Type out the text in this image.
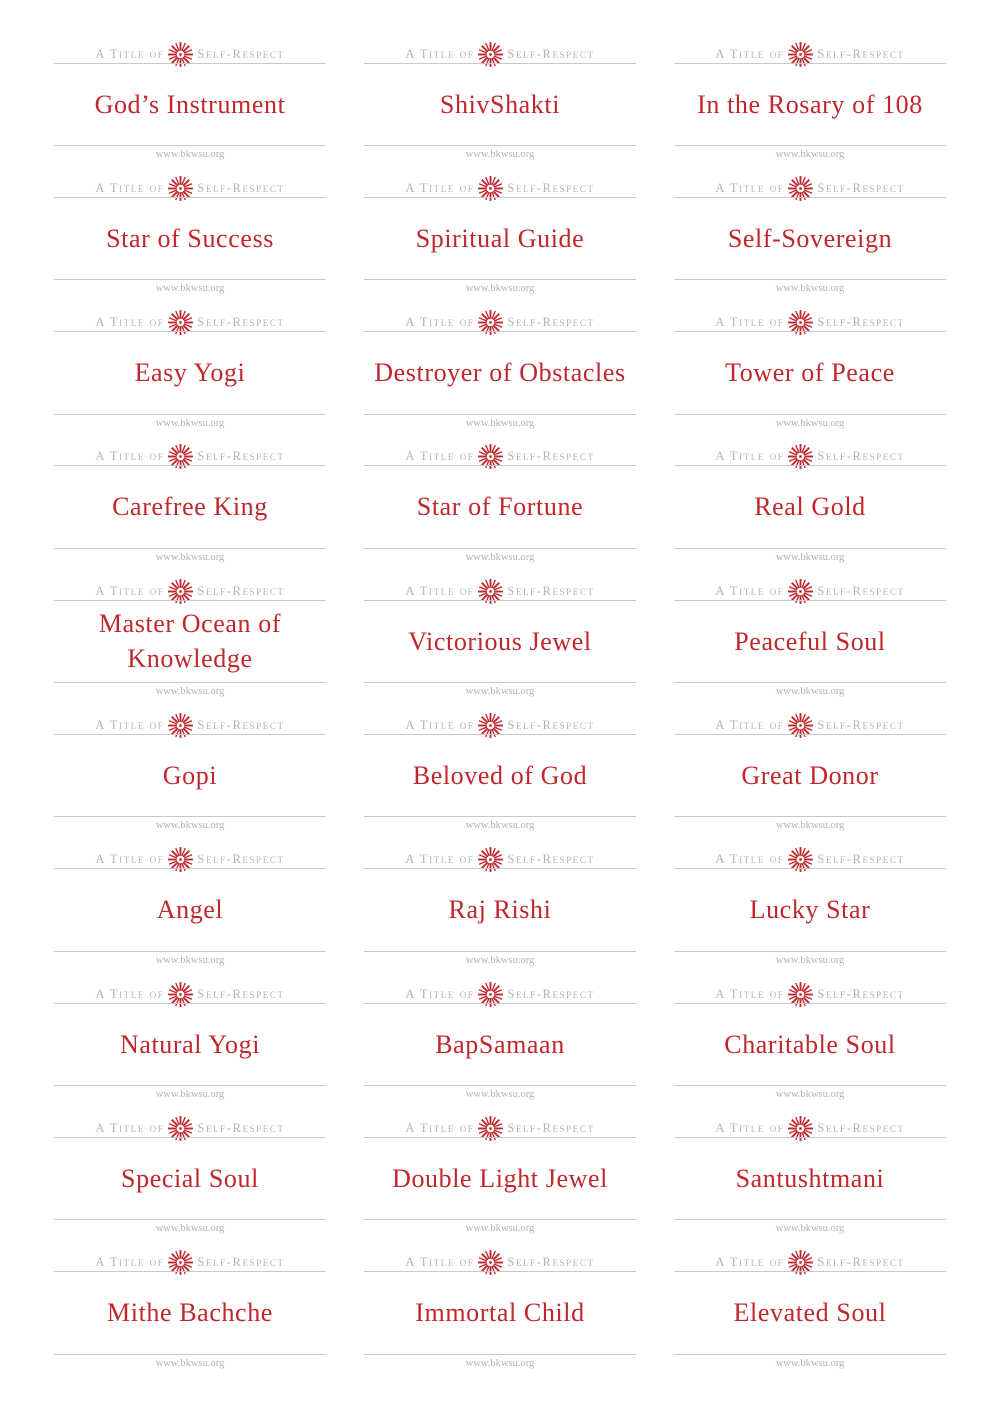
A Title of	Self-Respect
God’s Instrument
www.bkwsu.org
A Title of	Self-Respect
ShivShakti
www.bkwsu.org
A Title of	Self-Respect
In the Rosary of 108
www.bkwsu.org
A Title of	Self-Respect
Star of Success
www.bkwsu.org
A Title of	Self-Respect
Spiritual Guide
www.bkwsu.org
A Title of	Self-Respect
Self-Sovereign
www.bkwsu.org
A Title of	Self-Respect
Easy Yogi
www.bkwsu.org
A Title of	Self-Respect
Destroyer of Obstacles
www.bkwsu.org
A Title of	Self-Respect
Tower of Peace
www.bkwsu.org
A Title of	Self-Respect
Carefree King
www.bkwsu.org
A Title of	Self-Respect
Star of Fortune
www.bkwsu.org
A Title of	Self-Respect
Real Gold
www.bkwsu.org
A Title of	Self-Respect
Master Ocean of Knowledge
www.bkwsu.org
A Title of	Self-Respect
Victorious Jewel
www.bkwsu.org
A Title of	Self-Respect
Peaceful Soul
www.bkwsu.org
A Title of	Self-Respect
Gopi
www.bkwsu.org
A Title of	Self-Respect
Beloved of God
www.bkwsu.org
A Title of	Self-Respect
Great Donor
www.bkwsu.org
A Title of	Self-Respect
Angel
www.bkwsu.org
A Title of	Self-Respect
Raj Rishi
www.bkwsu.org
A Title of	Self-Respect
Lucky Star
www.bkwsu.org
A Title of	Self-Respect
Natural Yogi
www.bkwsu.org
A Title of	Self-Respect
BapSamaan
www.bkwsu.org
A Title of	Self-Respect
Charitable Soul
www.bkwsu.org
A Title of	Self-Respect
Special Soul
www.bkwsu.org
A Title of	Self-Respect
Double Light Jewel
www.bkwsu.org
A Title of	Self-Respect
Santushtmani
www.bkwsu.org
A Title of	Self-Respect
Mithe Bachche
www.bkwsu.org
A Title of	Self-Respect
Immortal Child
www.bkwsu.org
A Title of	Self-Respect
Elevated Soul
www.bkwsu.org
